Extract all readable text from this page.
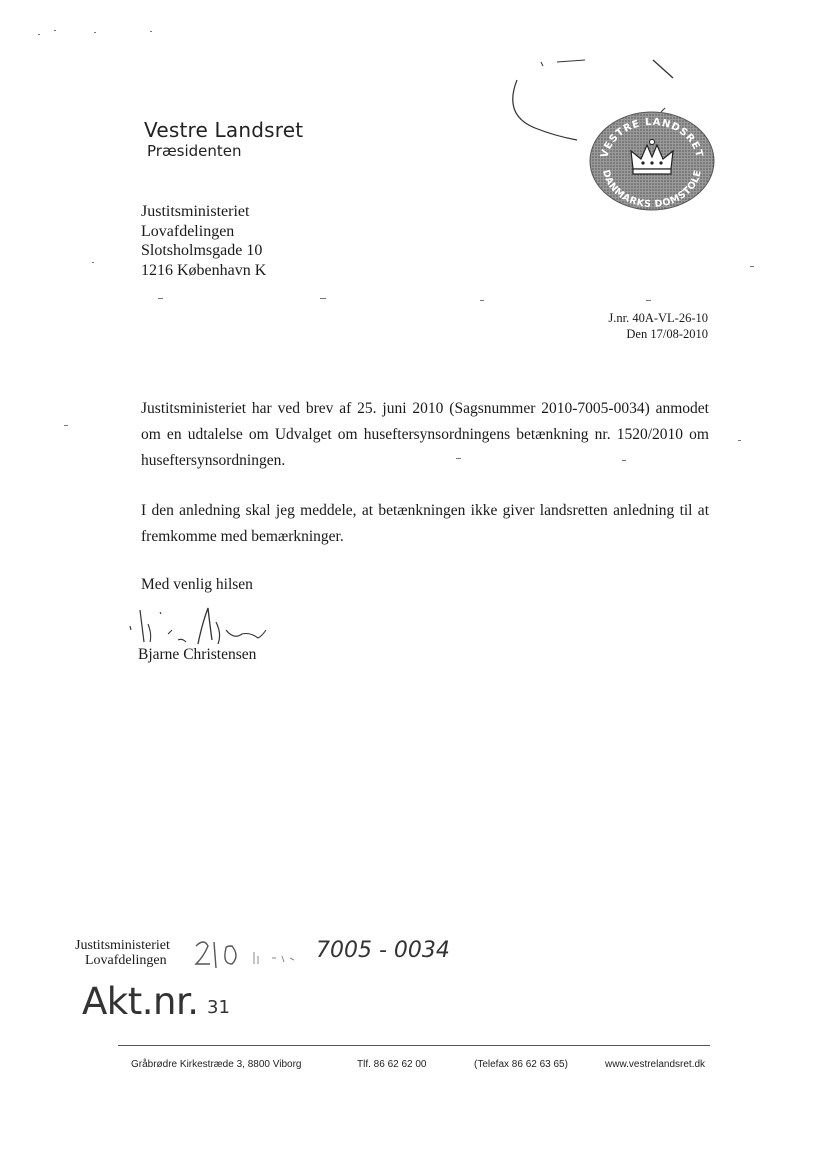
Vestre Landsret
Præsidenten	VESTRE LANDSRET
DANMARKS DOMSTOLE
Justitsministeriet
Lovafdelingen
Slotsholmsgade 10
1216 København K
J.nr. 40A-VL-26-10
Den 17/08-2010
Justitsministeriet har ved brev af 25. juni 2010 (Sagsnummer 2010-7005-0034) anmodet om en udtalelse om Udvalget om huseftersynsordningens betænkning nr. 1520/2010 om huseftersynsordningen.
I den anledning skal jeg meddele, at betænkningen ikke giver landsretten anledning til at fremkomme med bemærkninger.
Med venlig hilsen
Bjarne Christensen
Justitsministeriet
Lovafdelingen	7005 - 0034
Akt.nr. 31
Gråbrødre Kirkestræde 3, 8800 Viborg	Tlf. 86 62 62 00	(Telefax 86 62 63 65)	www.vestrelandsret.dk
